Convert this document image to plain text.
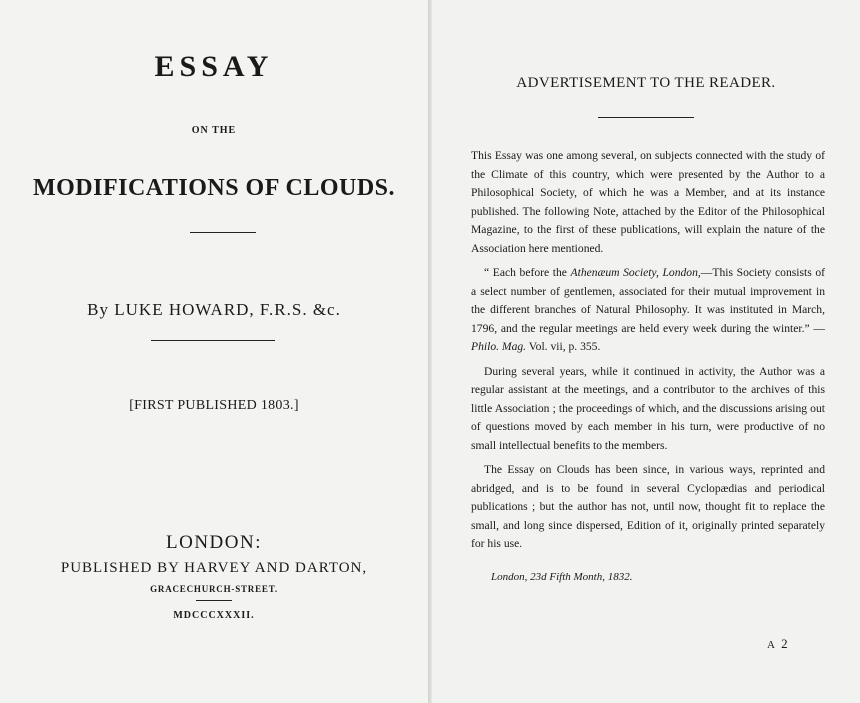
ESSAY
ON THE
MODIFICATIONS OF CLOUDS.
By LUKE HOWARD, F.R.S. &c.
[FIRST PUBLISHED 1803.]
LONDON:
PUBLISHED BY HARVEY AND DARTON,
GRACECHURCH-STREET.
MDCCCXXXII.
ADVERTISEMENT TO THE READER.

This Essay was one among several, on subjects connected with the study of the Climate of this country, which were presented by the Author to a Philosophical Society, of which he was a Member, and at its instance published. The following Note, attached by the Editor of the Philosophical Magazine, to the first of these publications, will explain the nature of the Association here mentioned.

“ Each before the Athenæum Society, London,—This Society consists of a select number of gentlemen, associated for their mutual improvement in the different branches of Natural Philosophy. It was instituted in March, 1796, and the regular meetings are held every week during the winter.” —Philo. Mag. Vol. vii, p. 355.

During several years, while it continued in activity, the Author was a regular assistant at the meetings, and a contributor to the archives of this little Association ; the proceedings of which, and the discussions arising out of questions moved by each member in his turn, were productive of no small intellectual benefits to the members.

The Essay on Clouds has been since, in various ways, reprinted and abridged, and is to be found in several Cyclopædias and periodical publications ; but the author has not, until now, thought fit to replace the small, and long since dispersed, Edition of it, originally printed separately for his use.

London, 23d Fifth Month, 1832.
A 2
